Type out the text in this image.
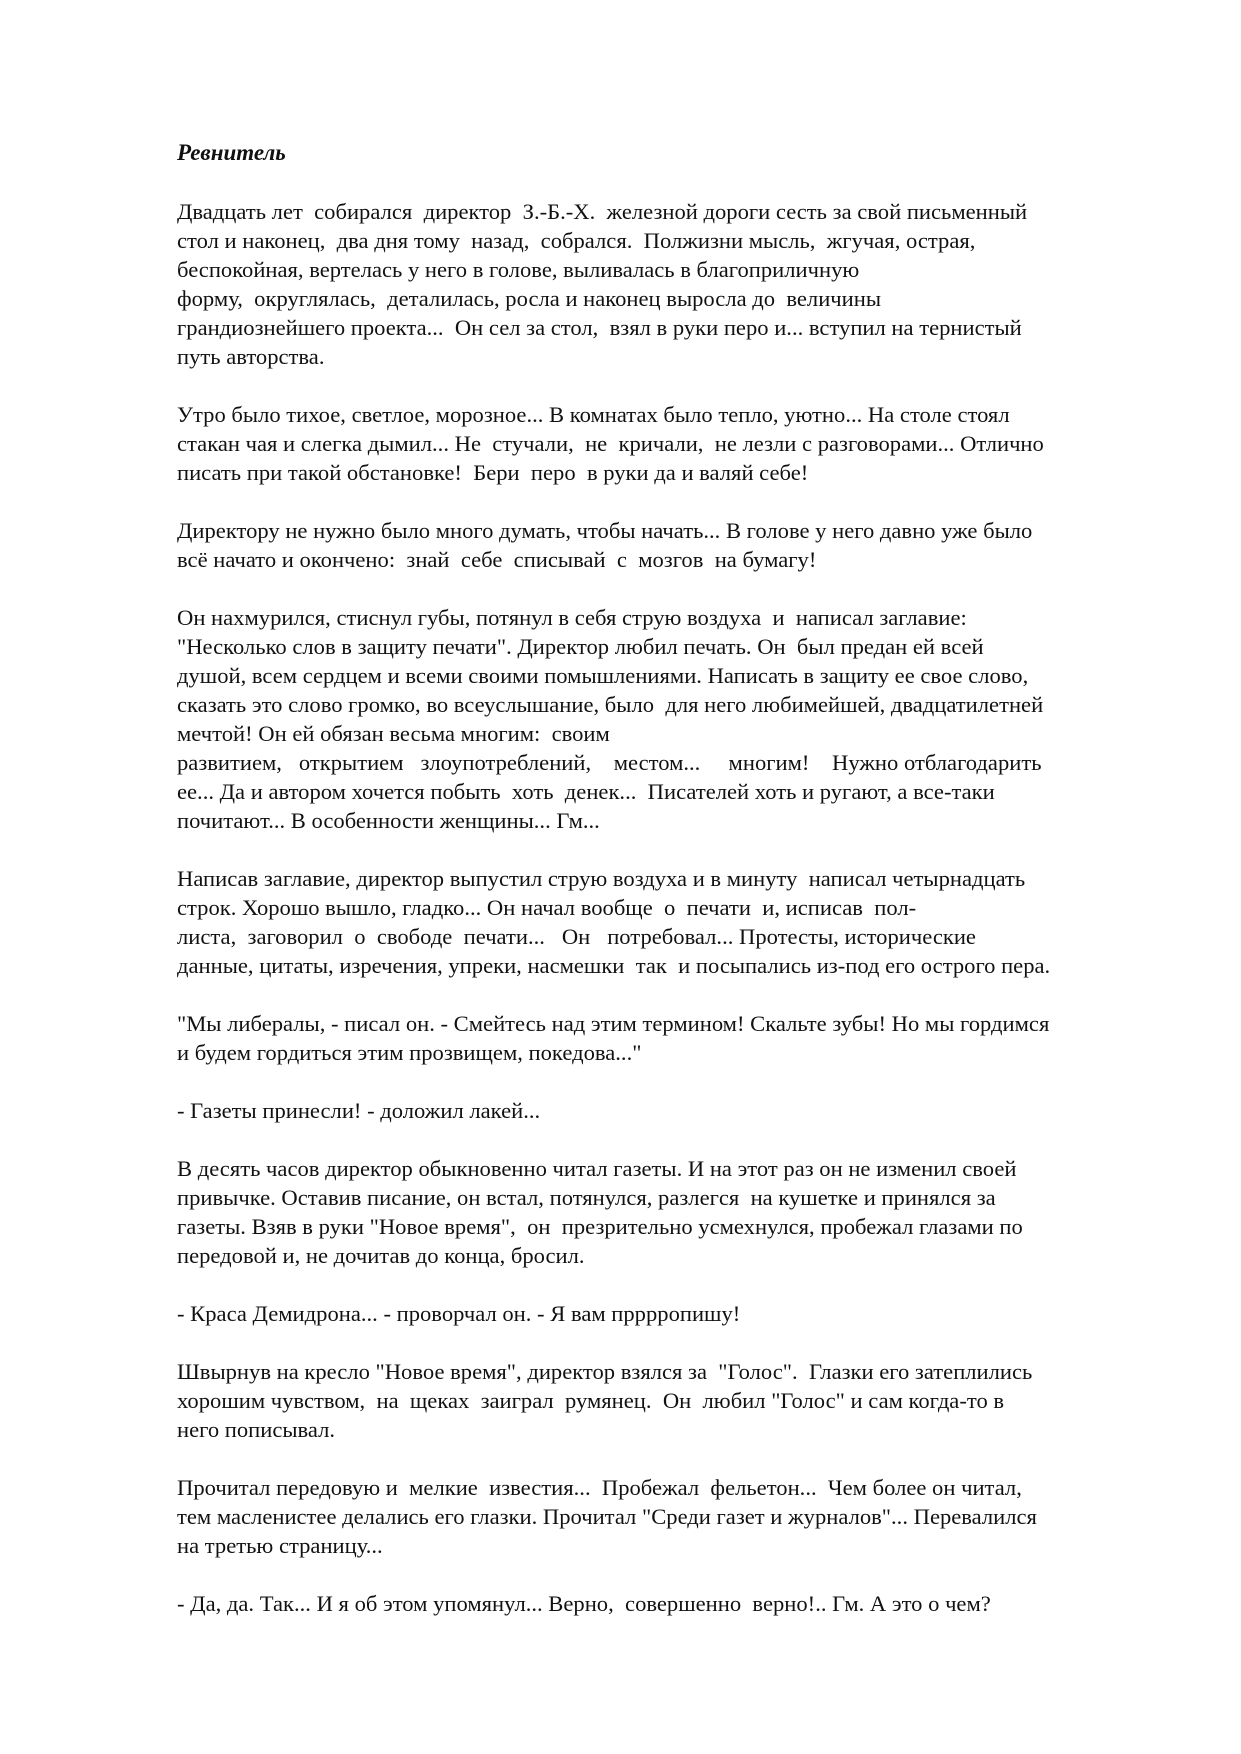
Ревнитель
Двадцать лет  собирался  директор  З.-Б.-Х.  железной дороги сесть за свой письменный
стол и наконец,  два дня тому  назад,  собрался.  Полжизни мысль,  жгучая, острая,
беспокойная, вертелась у него в голове, выливалась в благоприличную
форму,  округлялась,  деталилась, росла и наконец выросла до  величины
грандиознейшего проекта...  Он сел за стол,  взял в руки перо и... вступил на тернистый
путь авторства.
Утро было тихое, светлое, морозное... В комнатах было тепло, уютно... На столе стоял
стакан чая и слегка дымил... Не  стучали,  не  кричали,  не лезли с разговорами... Отлично
писать при такой обстановке!  Бери  перо  в руки да и валяй себе!
Директору не нужно было много думать, чтобы начать... В голове у него давно уже было
всё начато и окончено:  знай  себе  списывай  с  мозгов  на бумагу!
Он нахмурился, стиснул губы, потянул в себя струю воздуха  и  написал заглавие:
"Несколько слов в защиту печати". Директор любил печать. Он  был предан ей всей
душой, всем сердцем и всеми своими помышлениями. Написать в защиту ее свое слово,
сказать это слово громко, во всеуслышание, было  для него любимейшей, двадцатилетней
мечтой! Он ей обязан весьма многим:  своим
развитием,   открытием   злоупотреблений,    местом...     многим!    Нужно отблагодарить
ее... Да и автором хочется побыть  хоть  денек...  Писателей хоть и ругают, а все-таки
почитают... В особенности женщины... Гм...
Написав заглавие, директор выпустил струю воздуха и в минуту  написал четырнадцать
строк. Хорошо вышло, гладко... Он начал вообще  о  печати  и, исписав  пол-
листа,  заговорил  о  свободе  печати...   Он   потребовал... Протесты, исторические
данные, цитаты, изречения, упреки, насмешки  так  и посыпались из-под его острого пера.
"Мы либералы, - писал он. - Смейтесь над этим термином! Скальте зубы! Но мы гордимся
и будем гордиться этим прозвищем, покедова..."
- Газеты принесли! - доложил лакей...
В десять часов директор обыкновенно читал газеты. И на этот раз он не изменил своей
привычке. Оставив писание, он встал, потянулся, разлегся  на кушетке и принялся за
газеты. Взяв в руки "Новое время",  он  презрительно усмехнулся, пробежал глазами по
передовой и, не дочитав до конца, бросил.
- Краса Демидрона... - проворчал он. - Я вам прррропишу!
Швырнув на кресло "Новое время", директор взялся за  "Голос".  Глазки его затеплились
хорошим чувством,  на  щеках  заиграл  румянец.  Он  любил "Голос" и сам когда-то в
него пописывал.
Прочитал передовую и  мелкие  известия...  Пробежал  фельетон...  Чем более он читал,
тем масленистее делались его глазки. Прочитал "Среди газет и журналов"... Перевалился
на третью страницу...
- Да, да. Так... И я об этом упомянул... Верно,  совершенно  верно!.. Гм. А это о чем?
